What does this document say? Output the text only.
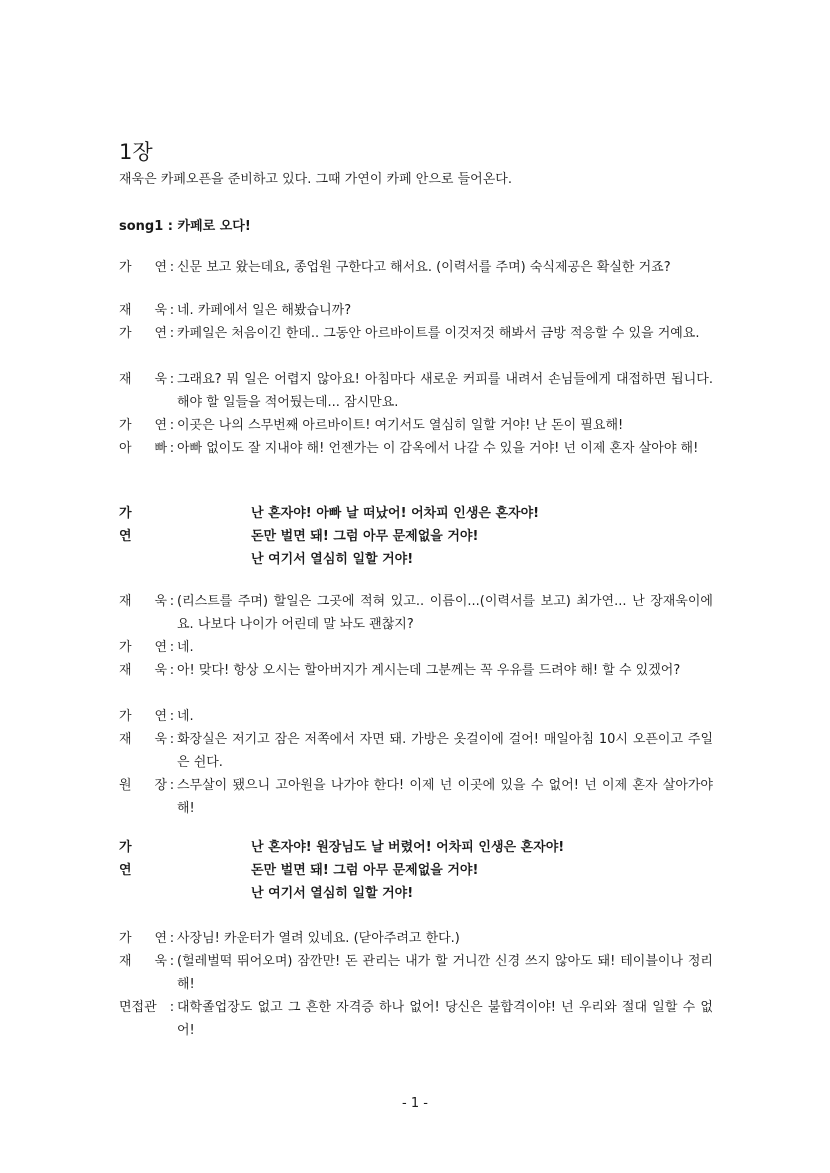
1장
재욱은 카페오픈을 준비하고 있다. 그때 가연이 카페 안으로 들어온다.
song1 : 카페로 오다!
가 연 : 신문 보고 왔는데요, 종업원 구한다고 해서요. (이력서를 주며) 숙식제공은 확실한 거죠?
재 욱 : 네. 카페에서 일은 해봤습니까?
가 연 : 카페일은 처음이긴 한데.. 그동안 아르바이트를 이것저것 해봐서 금방 적응할 수 있을 거예요.
재 욱 : 그래요? 뭐 일은 어렵지 않아요! 아침마다 새로운 커피를 내려서 손님들에게 대접하면 됩니다. 해야 할 일들을 적어뒀는데... 잠시만요.
가 연 : 이곳은 나의 스무번째 아르바이트! 여기서도 열심히 일할 거야! 난 돈이 필요해!
아 빠 : 아빠 없이도 잘 지내야 해! 언젠가는 이 감옥에서 나갈 수 있을 거야! 넌 이제 혼자 살아야 해!
가연
난 혼자야! 아빠 날 떠났어! 어차피 인생은 혼자야!
돈만 벌면 돼! 그럼 아무 문제없을 거야!
난 여기서 열심히 일할 거야!
재 욱 : (리스트를 주며) 할일은 그곳에 적혀 있고.. 이름이...(이력서를 보고) 최가연... 난 장재욱이에요. 나보다 나이가 어린데 말 놔도 괜찮지?
가 연 : 네.
재 욱 : 아! 맞다! 항상 오시는 할아버지가 계시는데 그분께는 꼭 우유를 드려야 해! 할 수 있겠어?
가 연 : 네.
재 욱 : 화장실은 저기고 잠은 저쪽에서 자면 돼. 가방은 옷걸이에 걸어! 매일아침 10시 오픈이고 주일은 쉰다.
원 장 : 스무살이 됐으니 고아원을 나가야 한다! 이제 넌 이곳에 있을 수 없어! 넌 이제 혼자 살아가야 해!
가연
난 혼자야! 원장님도 날 버렸어! 어차피 인생은 혼자야!
돈만 벌면 돼! 그럼 아무 문제없을 거야!
난 여기서 열심히 일할 거야!
가 연 : 사장님! 카운터가 열려 있네요. (닫아주려고 한다.)
재 욱 : (헐레벌떡 뛰어오며) 잠깐만! 돈 관리는 내가 할 거니깐 신경 쓰지 않아도 돼! 테이블이나 정리해!
면접관 : 대학졸업장도 없고 그 흔한 자격증 하나 없어! 당신은 불합격이야! 넌 우리와 절대 일할 수 없어!
- 1 -
